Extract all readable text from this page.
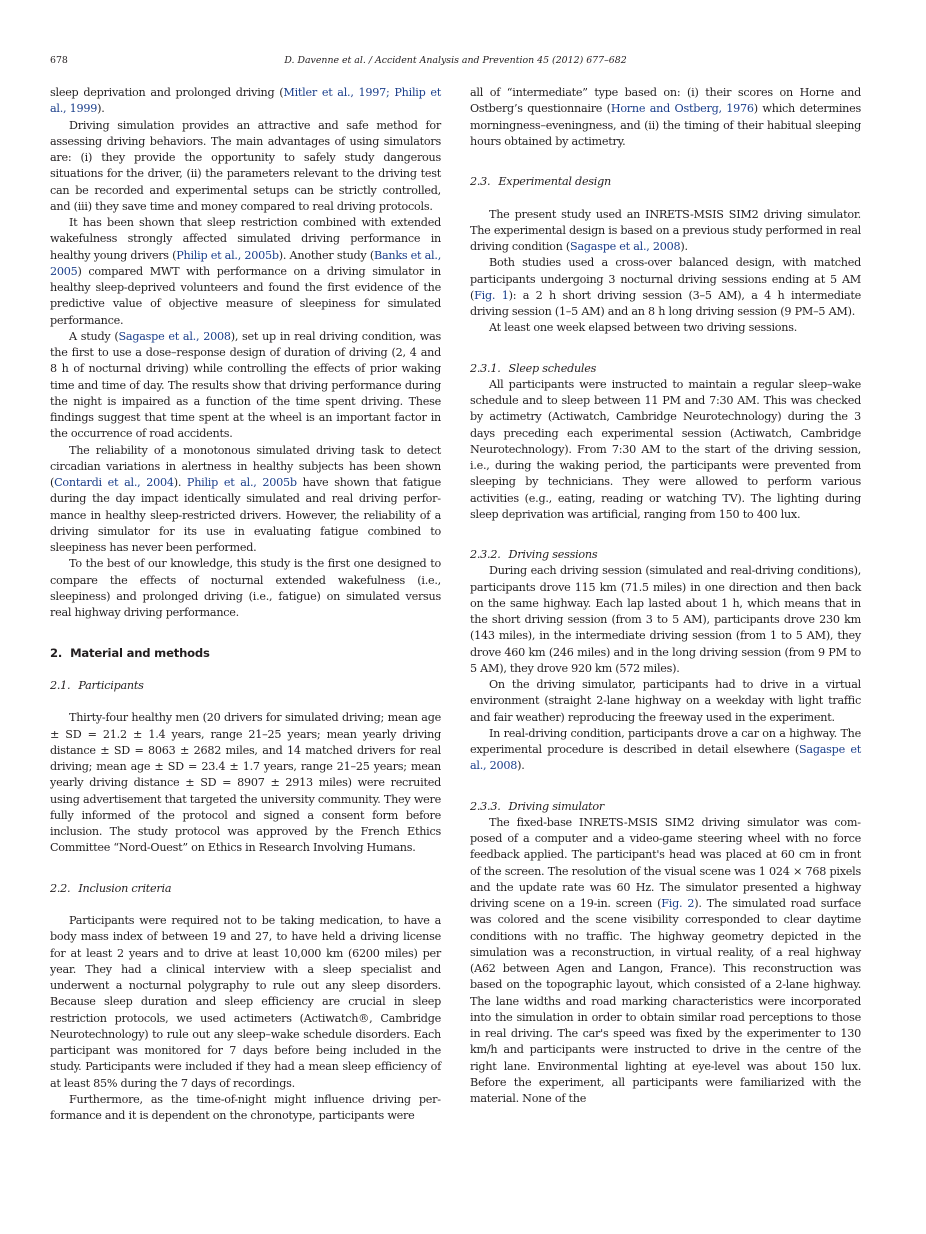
678	D. Davenne et al. / Accident Analysis and Prevention 45 (2012) 677–682

sleep deprivation and prolonged driving (Mitler et al., 1997; Philip et al., 1999).

Driving simulation provides an attractive and safe method for assessing driving behaviors. The main advantages of using simulators are: (i) they provide the opportunity to safely study dangerous situations for the driver, (ii) the parameters relevant to the driving test can be recorded and experimental setups can be strictly controlled, and (iii) they save time and money compared to real driving protocols.

It has been shown that sleep restriction combined with extended wakefulness strongly affected simulated driving performance in healthy young drivers (Philip et al., 2005b). Another study (Banks et al., 2005) compared MWT with performance on a driving simulator in healthy sleep-deprived volunteers and found the first evidence of the predictive value of objective measure of sleepiness for simulated performance.

A study (Sagaspe et al., 2008), set up in real driving condition, was the first to use a dose–response design of duration of driving (2, 4 and 8 h of nocturnal driving) while controlling the effects of prior waking time and time of day. The results show that driving performance during the night is impaired as a function of the time spent driving. These findings suggest that time spent at the wheel is an important factor in the occurrence of road accidents.

The reliability of a monotonous simulated driving task to detect circadian variations in alertness in healthy subjects has been shown (Contardi et al., 2004). Philip et al., 2005b have shown that fatigue during the day impact identically simulated and real driving performance in healthy sleep-restricted drivers. However, the reliability of a driving simulator for its use in evaluating fatigue combined to sleepiness has never been performed.

To the best of our knowledge, this study is the first one designed to compare the effects of nocturnal extended wakefulness (i.e., sleepiness) and prolonged driving (i.e., fatigue) on simulated versus real highway driving performance.

2. Material and methods
2.1. Participants

Thirty-four healthy men (20 drivers for simulated driving; mean age ± SD = 21.2 ± 1.4 years, range 21–25 years; mean yearly driving distance ± SD = 8063 ± 2682 miles, and 14 matched drivers for real driving; mean age ± SD = 23.4 ± 1.7 years, range 21–25 years; mean yearly driving distance ± SD = 8907 ± 2913 miles) were recruited using advertisement that targeted the university community. They were fully informed of the protocol and signed a consent form before inclusion. The study protocol was approved by the French Ethics Committee “Nord-Ouest” on Ethics in Research Involving Humans.

2.2. Inclusion criteria

Participants were required not to be taking medication, to have a body mass index of between 19 and 27, to have held a driving license for at least 2 years and to drive at least 10,000 km (6200 miles) per year. They had a clinical interview with a sleep specialist and underwent a nocturnal polygraphy to rule out any sleep disorders. Because sleep duration and sleep efficiency are crucial in sleep restriction protocols, we used actimeters (Actiwatch®, Cambridge Neurotechnology) to rule out any sleep–wake schedule disorders. Each participant was monitored for 7 days before being included in the study. Participants were included if they had a mean sleep efficiency of at least 85% during the 7 days of recordings.

Furthermore, as the time-of-night might influence driving performance and it is dependent on the chronotype, participants were

all of “intermediate” type based on: (i) their scores on Horne and Ostberg’s questionnaire (Horne and Ostberg, 1976) which determines morningness–eveningness, and (ii) the timing of their habitual sleeping hours obtained by actimetry.

2.3. Experimental design

The present study used an INRETS-MSIS SIM2 driving simulator. The experimental design is based on a previous study performed in real driving condition (Sagaspe et al., 2008).

Both studies used a cross-over balanced design, with matched participants undergoing 3 nocturnal driving sessions ending at 5 AM (Fig. 1): a 2 h short driving session (3–5 AM), a 4 h intermediate driving session (1–5 AM) and an 8 h long driving session (9 PM–5 AM).

At least one week elapsed between two driving sessions.

2.3.1. Sleep schedules

All participants were instructed to maintain a regular sleep–wake schedule and to sleep between 11 PM and 7:30 AM. This was checked by actimetry (Actiwatch, Cambridge Neurotechnology) during the 3 days preceding each experimental session (Actiwatch, Cambridge Neurotechnology). From 7:30 AM to the start of the driving session, i.e., during the waking period, the participants were prevented from sleeping by technicians. They were allowed to perform various activities (e.g., eating, reading or watching TV). The lighting during sleep deprivation was artificial, ranging from 150 to 400 lux.

2.3.2. Driving sessions

During each driving session (simulated and real-driving conditions), participants drove 115 km (71.5 miles) in one direction and then back on the same highway. Each lap lasted about 1 h, which means that in the short driving session (from 3 to 5 AM), participants drove 230 km (143 miles), in the intermediate driving session (from 1 to 5 AM), they drove 460 km (246 miles) and in the long driving session (from 9 PM to 5 AM), they drove 920 km (572 miles).

On the driving simulator, participants had to drive in a virtual environment (straight 2-lane highway on a weekday with light traffic and fair weather) reproducing the freeway used in the experiment.

In real-driving condition, participants drove a car on a highway. The experimental procedure is described in detail elsewhere (Sagaspe et al., 2008).

2.3.3. Driving simulator

The fixed-base INRETS-MSIS SIM2 driving simulator was composed of a computer and a video-game steering wheel with no force feedback applied. The participant's head was placed at 60 cm in front of the screen. The resolution of the visual scene was 1 024 × 768 pixels and the update rate was 60 Hz. The simulator presented a highway driving scene on a 19-in. screen (Fig. 2). The simulated road surface was colored and the scene visibility corresponded to clear daytime conditions with no traffic. The highway geometry depicted in the simulation was a reconstruction, in virtual reality, of a real highway (A62 between Agen and Langon, France). This reconstruction was based on the topographic layout, which consisted of a 2-lane highway. The lane widths and road marking characteristics were incorporated into the simulation in order to obtain similar road perceptions to those in real driving. The car's speed was fixed by the experimenter to 130 km/h and participants were instructed to drive in the centre of the right lane. Environmental lighting at eye-level was about 150 lux. Before the experiment, all participants were familiarized with the material. None of the
